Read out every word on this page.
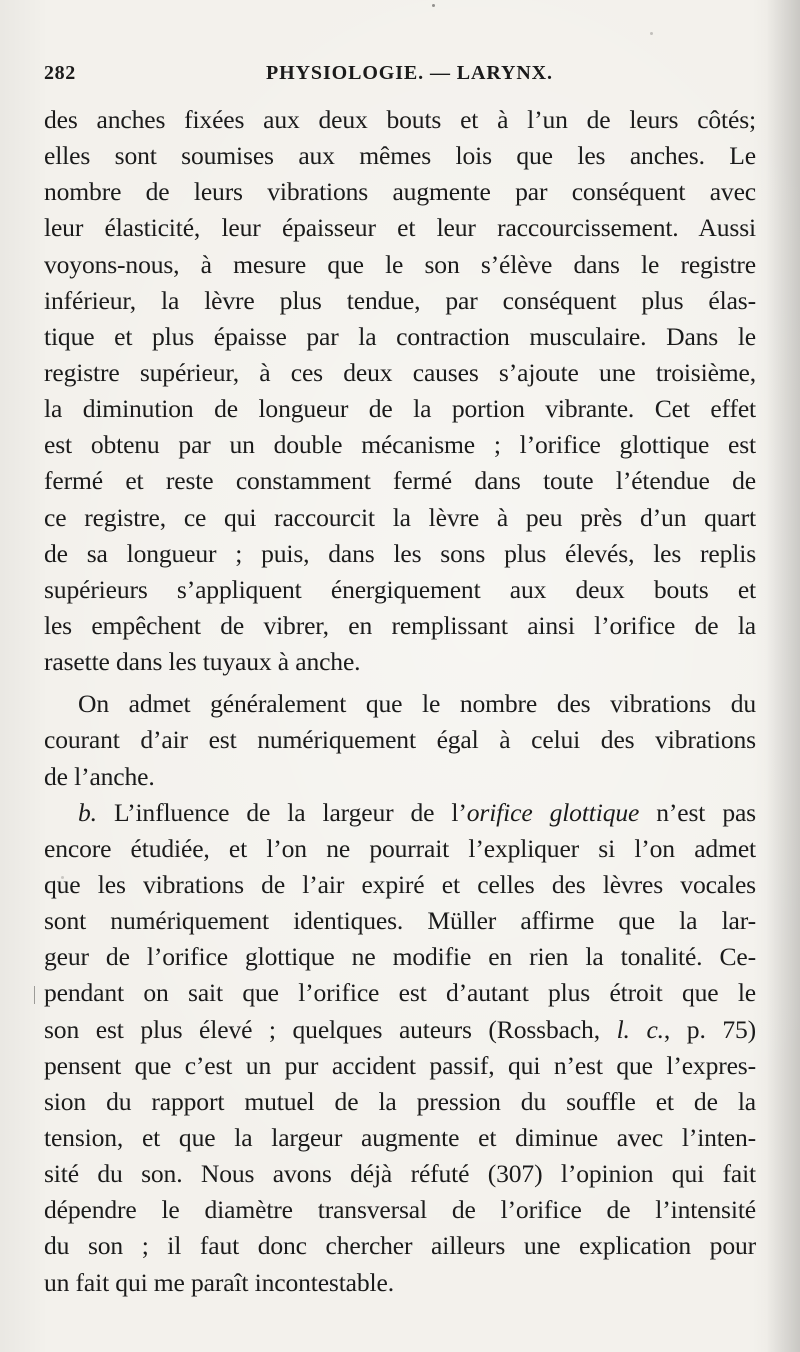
282	PHYSIOLOGIE. — LARYNX.
des anches fixées aux deux bouts et à l’un de leurs côtés;
elles sont soumises aux mêmes lois que les anches. Le
nombre de leurs vibrations augmente par conséquent avec
leur élasticité, leur épaisseur et leur raccourcissement. Aussi
voyons-nous, à mesure que le son s’élève dans le registre
inférieur, la lèvre plus tendue, par conséquent plus élas-
tique et plus épaisse par la contraction musculaire. Dans le
registre supérieur, à ces deux causes s’ajoute une troisième,
la diminution de longueur de la portion vibrante. Cet effet
est obtenu par un double mécanisme ; l’orifice glottique est
fermé et reste constamment fermé dans toute l’étendue de
ce registre, ce qui raccourcit la lèvre à peu près d’un quart
de sa longueur ; puis, dans les sons plus élevés, les replis
supérieurs s’appliquent énergiquement aux deux bouts et
les empêchent de vibrer, en remplissant ainsi l’orifice de la
rasette dans les tuyaux à anche.
On admet généralement que le nombre des vibrations du
courant d’air est numériquement égal à celui des vibrations
de l’anche.
b. L’influence de la largeur de l’orifice glottique n’est pas
encore étudiée, et l’on ne pourrait l’expliquer si l’on admet
que les vibrations de l’air expiré et celles des lèvres vocales
sont numériquement identiques. Müller affirme que la lar-
geur de l’orifice glottique ne modifie en rien la tonalité. Ce-
pendant on sait que l’orifice est d’autant plus étroit que le
son est plus élevé ; quelques auteurs (Rossbach, l. c., p. 75)
pensent que c’est un pur accident passif, qui n’est que l’expres-
sion du rapport mutuel de la pression du souffle et de la
tension, et que la largeur augmente et diminue avec l’inten-
sité du son. Nous avons déjà réfuté (307) l’opinion qui fait
dépendre le diamètre transversal de l’orifice de l’intensité
du son ; il faut donc chercher ailleurs une explication pour
un fait qui me paraît incontestable.
